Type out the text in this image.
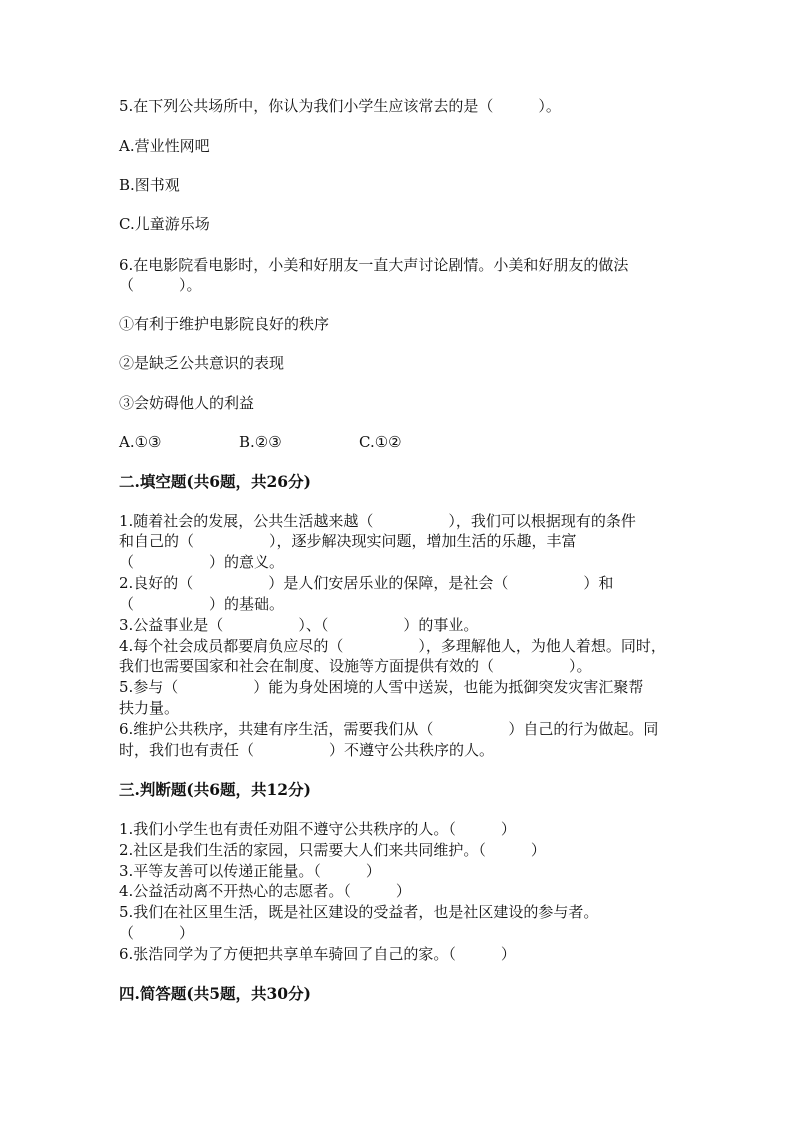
5.在下列公共场所中，你认为我们小学生应该常去的是（　　　）。
A.营业性网吧
B.图书观
C.儿童游乐场
6.在电影院看电影时，小美和好朋友一直大声讨论剧情。小美和好朋友的做法
（　　　）。
①有利于维护电影院良好的秩序
②是缺乏公共意识的表现
③会妨碍他人的利益
A.①③	B.②③	C.①②
二.填空题(共6题，共26分)
1.随着社会的发展，公共生活越来越（　　　　　），我们可以根据现有的条件
和自己的（　　　　　），逐步解决现实问题，增加生活的乐趣，丰富
（　　　　　）的意义。
2.良好的（　　　　　）是人们安居乐业的保障，是社会（　　　　　）和
（　　　　　）的基础。
3.公益事业是（　　　　　）、（　　　　　）的事业。
4.每个社会成员都要肩负应尽的（　　　　　），多理解他人，为他人着想。同时，
我们也需要国家和社会在制度、设施等方面提供有效的（　　　　　）。
5.参与（　　　　　）能为身处困境的人雪中送炭，也能为抵御突发灾害汇聚帮
扶力量。
6.维护公共秩序，共建有序生活，需要我们从（　　　　　）自己的行为做起。同
时，我们也有责任（　　　　　）不遵守公共秩序的人。
三.判断题(共6题，共12分)
1.我们小学生也有责任劝阻不遵守公共秩序的人。（　　　）
2.社区是我们生活的家园，只需要大人们来共同维护。（　　　）
3.平等友善可以传递正能量。（　　　）
4.公益活动离不开热心的志愿者。（　　　）
5.我们在社区里生活，既是社区建设的受益者，也是社区建设的参与者。
（　　　）
6.张浩同学为了方便把共享单车骑回了自己的家。（　　　）
四.简答题(共5题，共30分)
